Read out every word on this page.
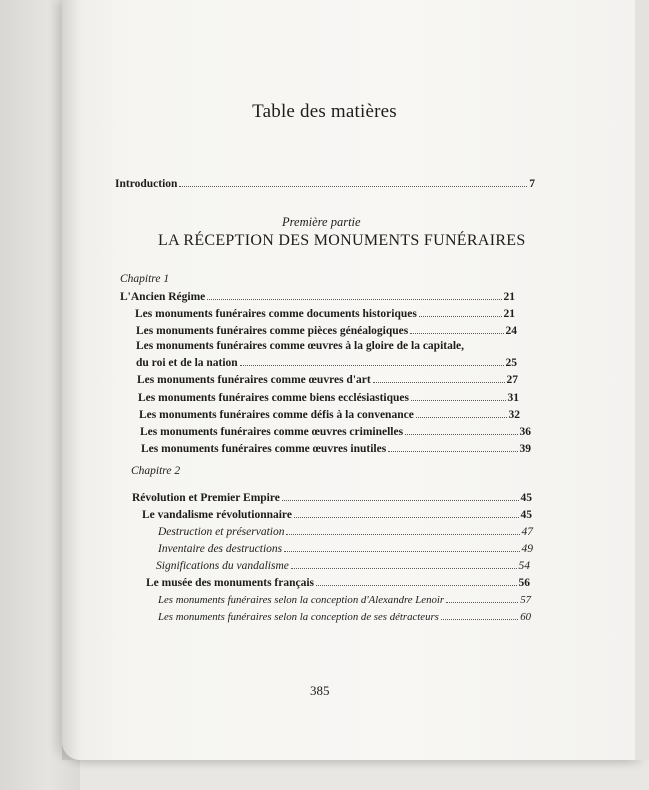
Table des matières
Introduction	7
Première partie
LA RÉCEPTION DES MONUMENTS FUNÉRAIRES
Chapitre 1
L'Ancien Régime	21
Les monuments funéraires comme documents historiques	21
Les monuments funéraires comme pièces généalogiques	24
Les monuments funéraires comme œuvres à la gloire de la capitale,
du roi et de la nation	25
Les monuments funéraires comme œuvres d'art	27
Les monuments funéraires comme biens ecclésiastiques	31
Les monuments funéraires comme défis à la convenance	32
Les monuments funéraires comme œuvres criminelles	36
Les monuments funéraires comme œuvres inutiles	39
Chapitre 2
Révolution et Premier Empire	45
Le vandalisme révolutionnaire	45
Destruction et préservation	47
Inventaire des destructions	49
Significations du vandalisme	54
Le musée des monuments français	56
Les monuments funéraires selon la conception d'Alexandre Lenoir	57
Les monuments funéraires selon la conception de ses détracteurs	60
385
